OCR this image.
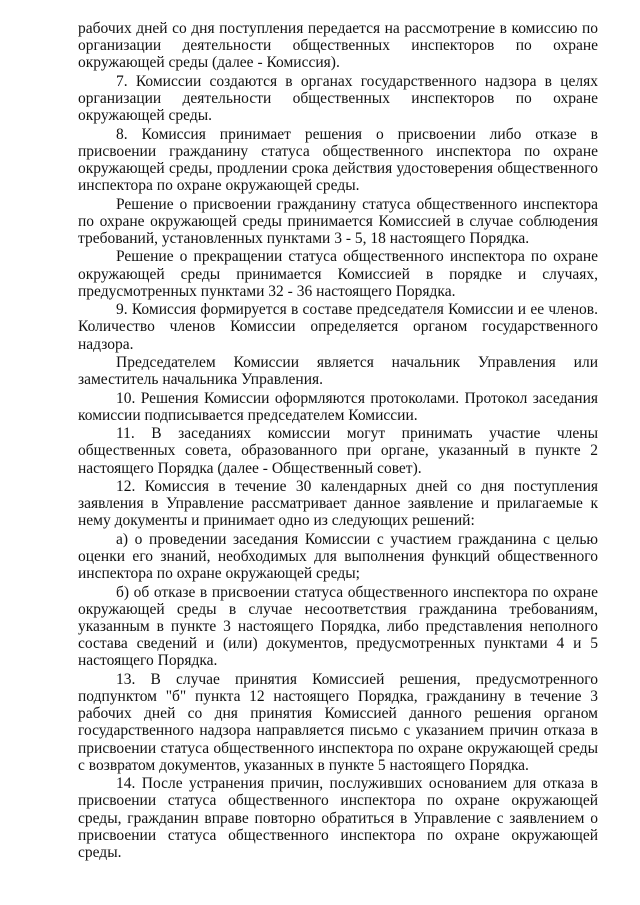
рабочих дней со дня поступления передается на рассмотрение в комиссию по организации деятельности общественных инспекторов по охране окружающей среды (далее - Комиссия).

7. Комиссии создаются в органах государственного надзора в целях организации деятельности общественных инспекторов по охране окружающей среды.

8. Комиссия принимает решения о присвоении либо отказе в присвоении гражданину статуса общественного инспектора по охране окружающей среды, продлении срока действия удостоверения общественного инспектора по охране окружающей среды.

Решение о присвоении гражданину статуса общественного инспектора по охране окружающей среды принимается Комиссией в случае соблюдения требований, установленных пунктами 3 - 5, 18 настоящего Порядка.

Решение о прекращении статуса общественного инспектора по охране окружающей среды принимается Комиссией в порядке и случаях, предусмотренных пунктами 32 - 36 настоящего Порядка.

9. Комиссия формируется в составе председателя Комиссии и ее членов. Количество членов Комиссии определяется органом государственного надзора.

Председателем Комиссии является начальник Управления или заместитель начальника Управления.

10. Решения Комиссии оформляются протоколами. Протокол заседания комиссии подписывается председателем Комиссии.

11. В заседаниях комиссии могут принимать участие члены общественных совета, образованного при органе, указанный в пункте 2 настоящего Порядка (далее - Общественный совет).

12. Комиссия в течение 30 календарных дней со дня поступления заявления в Управление рассматривает данное заявление и прилагаемые к нему документы и принимает одно из следующих решений:

а) о проведении заседания Комиссии с участием гражданина с целью оценки его знаний, необходимых для выполнения функций общественного инспектора по охране окружающей среды;

б) об отказе в присвоении статуса общественного инспектора по охране окружающей среды в случае несоответствия гражданина требованиям, указанным в пункте 3 настоящего Порядка, либо представления неполного состава сведений и (или) документов, предусмотренных пунктами 4 и 5 настоящего Порядка.

13. В случае принятия Комиссией решения, предусмотренного подпунктом "б" пункта 12 настоящего Порядка, гражданину в течение 3 рабочих дней со дня принятия Комиссией данного решения органом государственного надзора направляется письмо с указанием причин отказа в присвоении статуса общественного инспектора по охране окружающей среды с возвратом документов, указанных в пункте 5 настоящего Порядка.

14. После устранения причин, послуживших основанием для отказа в присвоении статуса общественного инспектора по охране окружающей среды, гражданин вправе повторно обратиться в Управление с заявлением о присвоении статуса общественного инспектора по охране окружающей среды.
